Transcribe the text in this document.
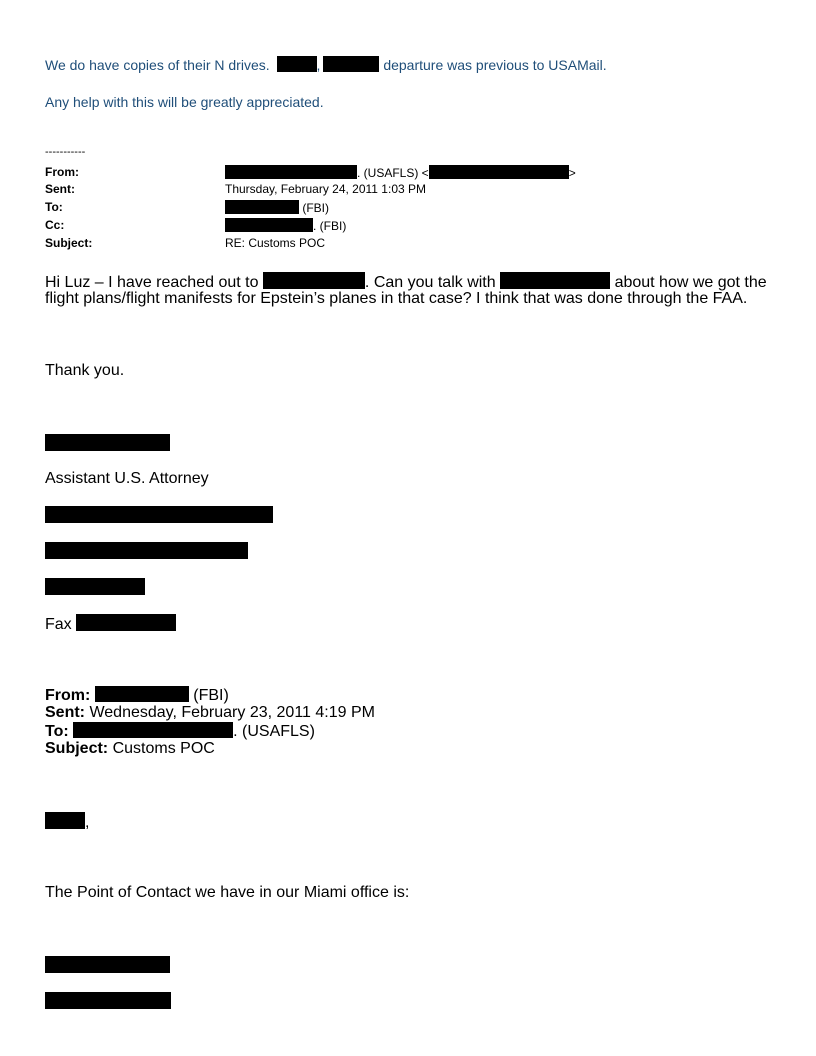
We do have copies of their N drives.	,	departure was previous to USAMail.
Any help with this will be greatly appreciated.
-----------
From:	. (USAFLS) <	>
Sent:	Thursday, February 24, 2011 1:03 PM
To:	(FBI)
Cc:	. (FBI)
Subject:	RE: Customs POC
Hi Luz – I have reached out to	. Can you talk with	about how we got the
flight plans/flight manifests for Epstein’s planes in that case? I think that was done through the FAA.
Thank you.
Assistant U.S. Attorney
Fax
From:	(FBI)
Sent: Wednesday, February 23, 2011 4:19 PM
To:	. (USAFLS)
Subject: Customs POC
,
The Point of Contact we have in our Miami office is:
